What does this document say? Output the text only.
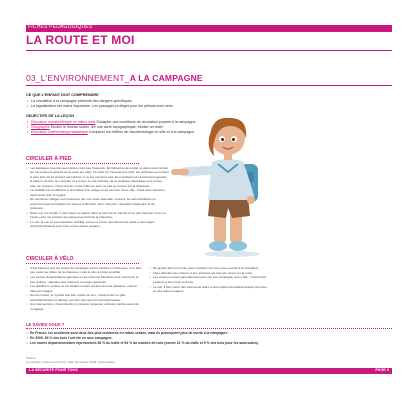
FICHES PÉDAGOGIQUES
LA ROUTE ET MOI
03_L'ENVIRONNEMENT_A LA CAMPAGNE
CE QUE L'ENFANT DOIT COMPRENDRE
• La circulation à la campagne présente des dangers spécifiques.
• La signalisation est moins importante. Les passages protégés pour les piétons sont rares.
OBJECTIFS DE LA LEÇON
• Éducation morale/éthique en milieu rural S'adapter aux conditions de circulation propres à la campagne.
• Géographie Étudier le réseau routier, lire une carte topographique, étudier un relief.
• Éducation mathématique/statistique Comparer les chiffres de l'accidentologie en ville et à la campagne.
CIRCULER À PIED
• Les passages réservés aux piétons sont peu fréquents. En l'absence de trottoir, le piéton doit circuler sur l'accotement gauche de la route (en effet, s'il reste sur l'accotement droit, les véhicules qui roulent le plus près de lui arrivent par l'arrière. Il ne les voit donc pas. En marchant sur l'accotement gauche, le piéton voit bien au contraire et à temps, le cas échéant, de se déplacer davantage vers le bas-côté. En groupes, il faut circuler en file indienne pour ne pas se trouver sur la chaussée.
• La visibilité est insuffisante à la tombée d'un virage ou au sommet d'une côte. Il faut donc traverser après avoir jeté un regard.
• De nombreux villages sont traversés par une route nationale, souvent, les automobilistes ne respectent pas la limitation de vitesse à 50 km/h. Pour traverser, redoubler d'attention et de prudence.
• Dans une rue étroite, il vaut mieux se placer dans le sens de la marche et ne pas traverser l'une ou l'autre entre les voitures qui passent au bord de la chaussée.
• Le soir, la nuit ou par mauvaise visibilité, penser à porter des vêtements clairs et des objets rétroréfléchissants pour être vu des autres usagers.
CIRCULER À VÉLO
• C'est fréquent que les routes de campagne soient étroites et sinueuses. Il ne faut pas rouler au milieu de la chaussée, mais le plus à droite possible.
• Les sorties d'exploitations agricoles ou les chemins forestiers sont nombreux et peu visibles : attention aux tracteurs et engins agricoles.
• Les gravillons, la boue et les feuilles mortes rendent la route glissante, surtout dans les virages.
• Sur les routes, le cycliste doit être visible de loin : il doit porter un gilet rétroréfléchissant et allumer ses feux dès que la luminosité baisse.
• Aux intersections, il faut ralentir et s'assurer qu'aucun véhicule n'arrive avant de s'engager.
• Ne jamais faire la course entre cyclistes sur une route ouverte à la circulation.
• Faire attention aux chiens et aux animaux qui peuvent surgir sur la route.
• Les voitures roulent généralement plus vite à la campagne qu'en ville : il faut rester prudent et bien tenir sa droite.
• Le soir, il faut porter des vêtements clairs et des objets rétroréfléchissants pour être vu des autres usagers.
LE SAVIEZ-VOUS ?
• En France, les accidents sont deux fois plus nombreux en milieu urbain, mais ils provoquent plus de morts à la campagne.
• En 2009, 69 % des tués l'ont été en rase campagne.
• Les routes départementales représentent 36 % du trafic et 54 % du nombre de tués (contre 21 % du trafic et 6 % des tués pour les autoroutes).
Source :
La sécurité routière en France, bilan de l'année 2009, Observatoire
LA SÉCURITÉ POUR TOUS	PAGE 9
